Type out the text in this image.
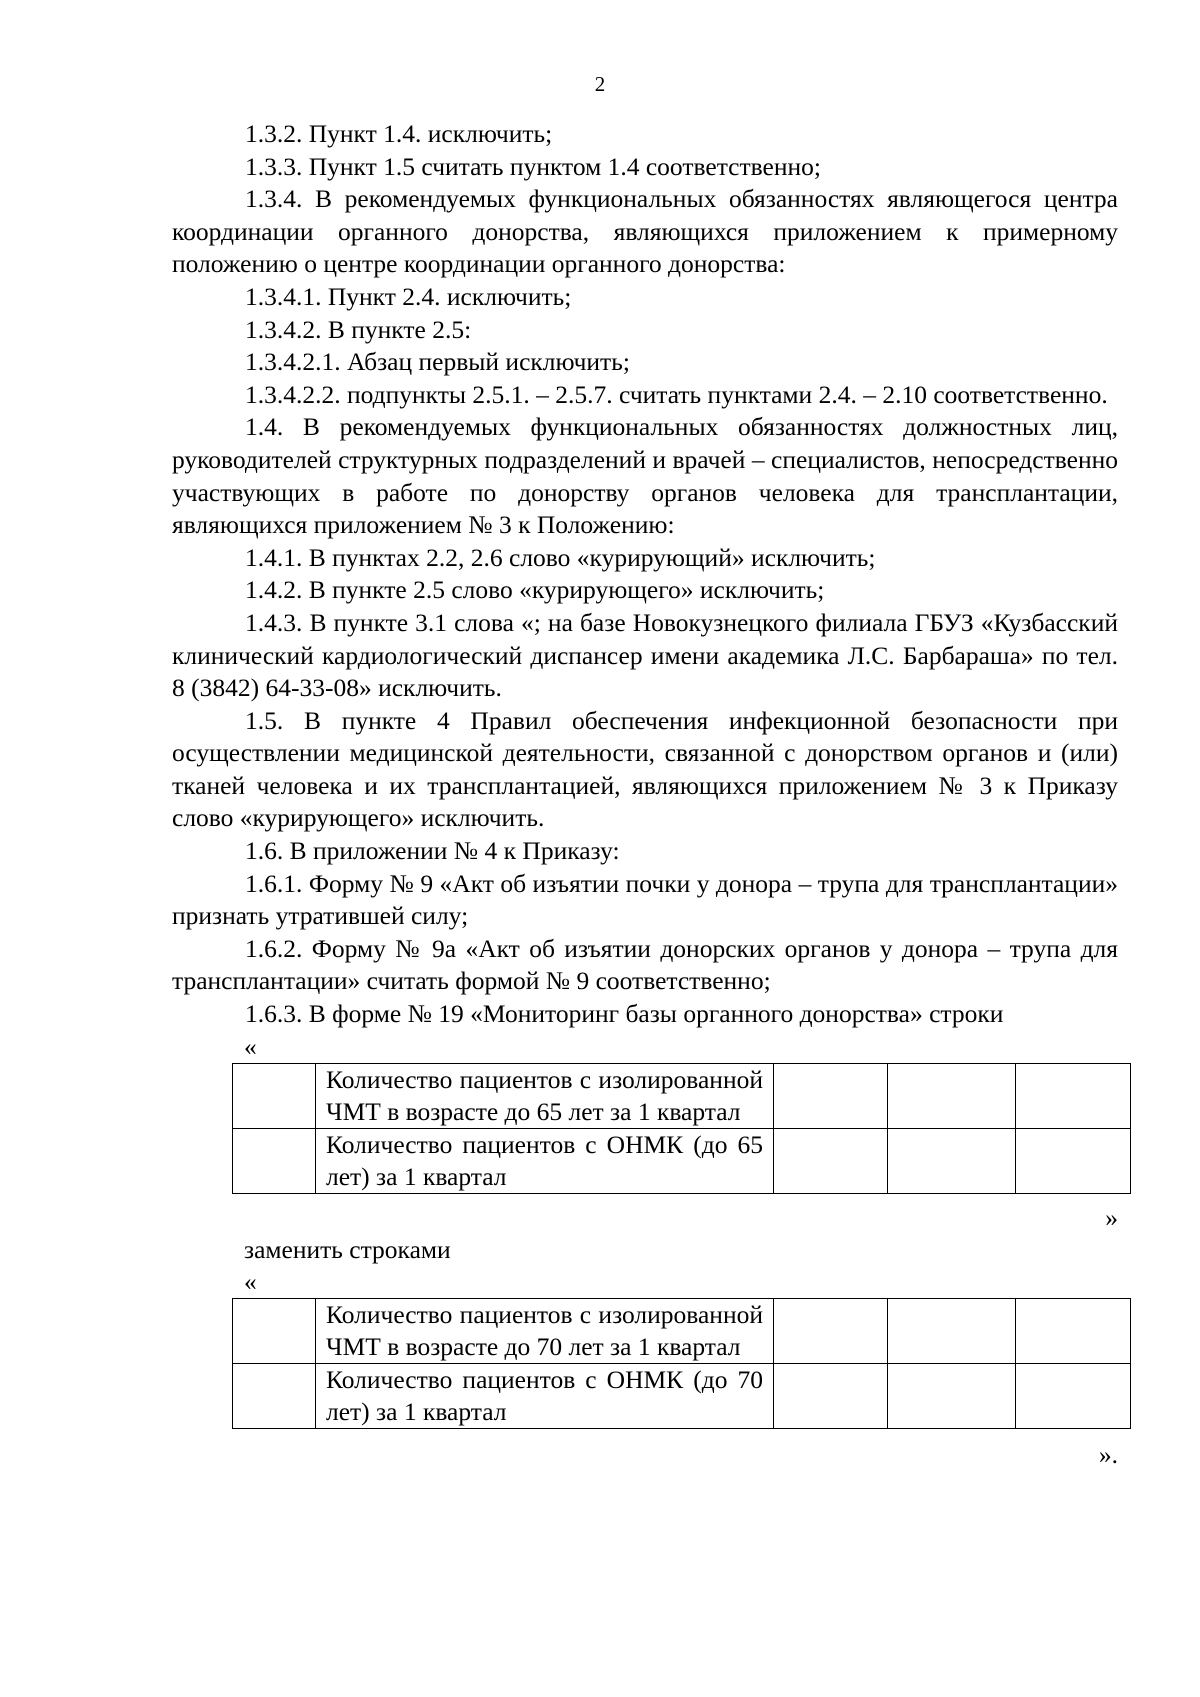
2

1.3.2. Пункт 1.4. исключить;

1.3.3. Пункт 1.5 считать пунктом 1.4 соответственно;

1.3.4. В рекомендуемых функциональных обязанностях являющегося центра координации органного донорства, являющихся приложением к примерному положению о центре координации органного донорства:

1.3.4.1. Пункт 2.4. исключить;

1.3.4.2. В пункте 2.5:

1.3.4.2.1. Абзац первый исключить;

1.3.4.2.2. подпункты 2.5.1. – 2.5.7. считать пунктами 2.4. – 2.10 соответственно.

1.4. В рекомендуемых функциональных обязанностях должностных лиц, руководителей структурных подразделений и врачей – специалистов, непосредственно участвующих в работе по донорству органов человека для трансплантации, являющихся приложением № 3 к Положению:

1.4.1. В пунктах 2.2, 2.6 слово «курирующий» исключить;

1.4.2. В пункте 2.5 слово «курирующего» исключить;

1.4.3. В пункте 3.1 слова «; на базе Новокузнецкого филиала ГБУЗ «Кузбасский клинический кардиологический диспансер имени академика Л.С. Барбараша» по тел. 8 (3842) 64-33-08» исключить.

1.5. В пункте 4 Правил обеспечения инфекционной безопасности при осуществлении медицинской деятельности, связанной с донорством органов и (или) тканей человека и их трансплантацией, являющихся приложением № 3 к Приказу слово «курирующего» исключить.

1.6. В приложении № 4 к Приказу:

1.6.1. Форму № 9 «Акт об изъятии почки у донора – трупа для трансплантации» признать утратившей силу;

1.6.2. Форму № 9а «Акт об изъятии донорских органов у донора – трупа для трансплантации» считать формой № 9 соответственно;

1.6.3. В форме № 19 «Мониторинг базы органного донорства» строки

«
	Количество пациентов с изолированной ЧМТ в возрасте до 65 лет за 1 квартал			
	Количество пациентов с ОНМК (до 65 лет) за 1 квартал			
»
заменить строками
«
	Количество пациентов с изолированной ЧМТ в возрасте до 70 лет за 1 квартал			
	Количество пациентов с ОНМК (до 70 лет) за 1 квартал			
».
